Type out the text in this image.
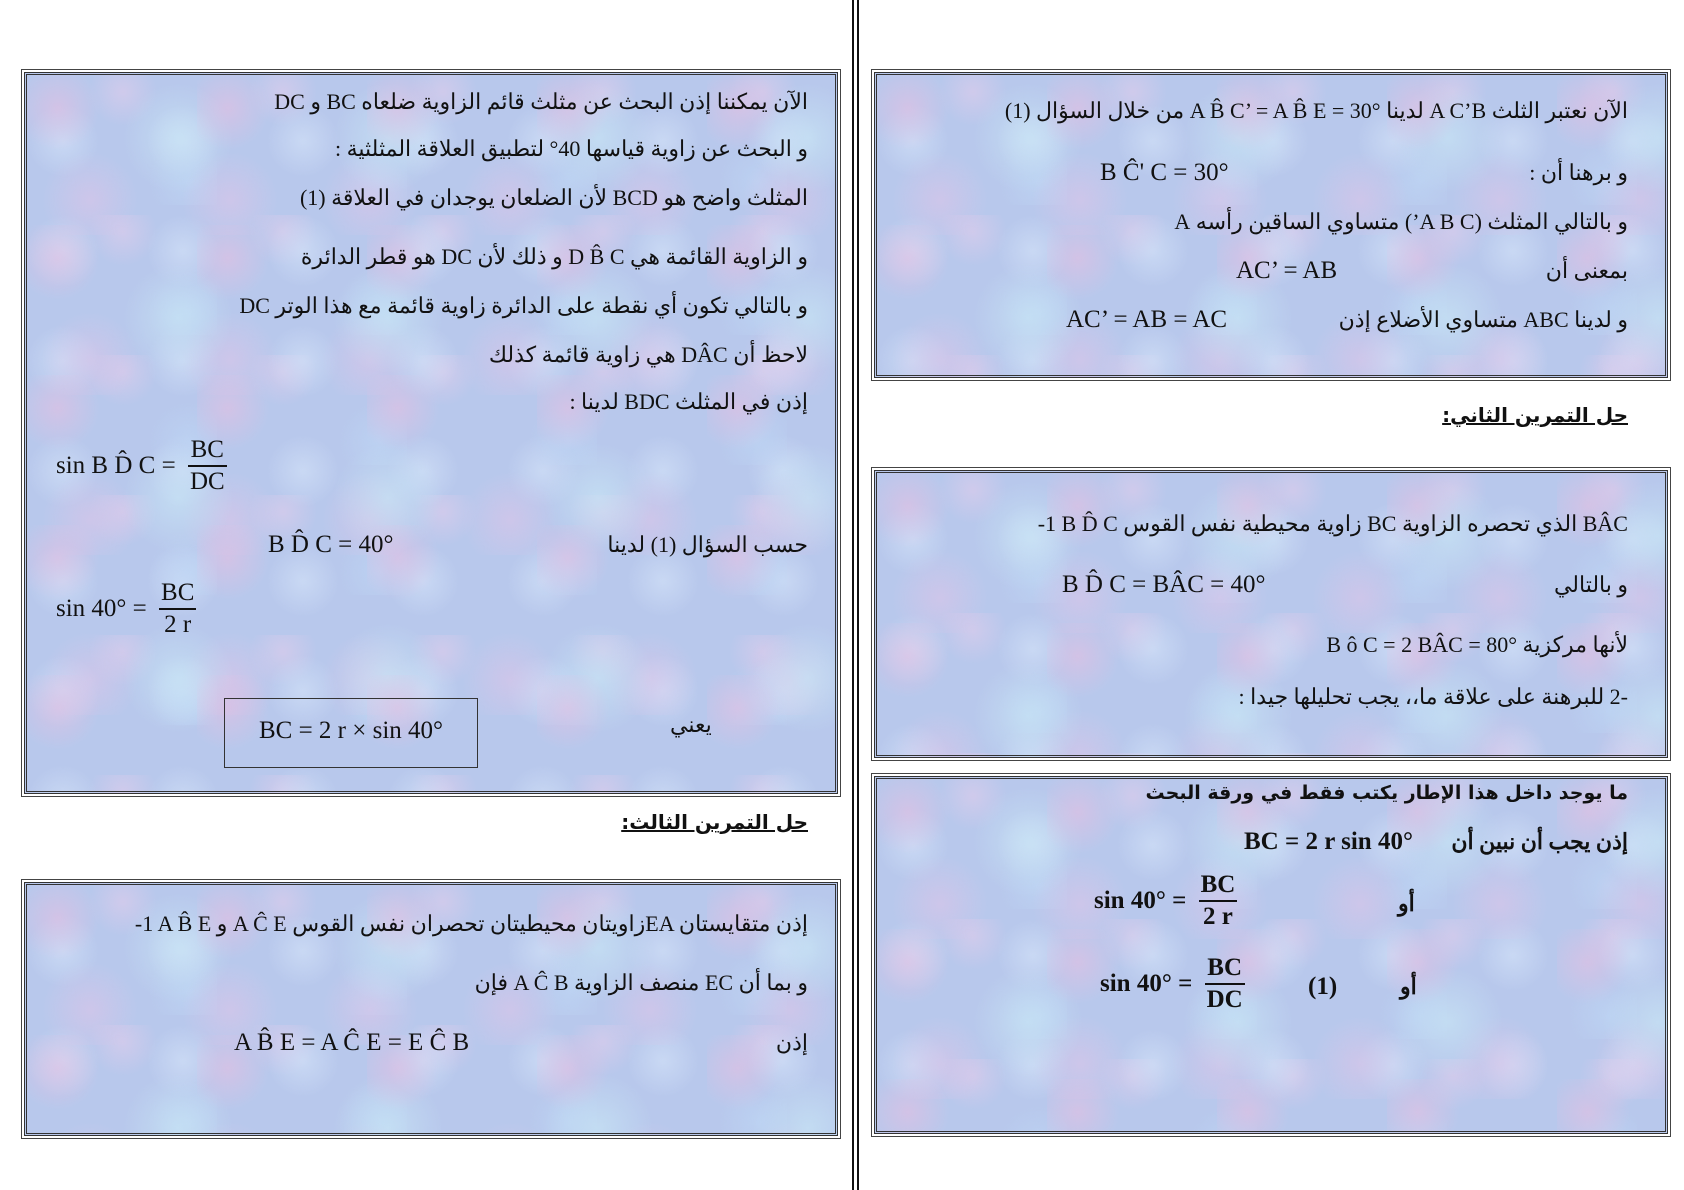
الآن نعتبر الثلث A C’B لدينا A B̂ C’ = A B̂ E = 30° من خلال السؤال (1)
و برهنا أن :
B Ĉ' C = 30°
و بالتالي المثلث (A B C’) متساوي الساقين رأسه A
بمعنى أن
AC’ = AB
و لدينا ABC متساوي الأضلاع إذن
AC’ = AB = AC
حل التمرين الثاني:
-1 B D̂ C زاوية محيطية نفس القوس BC الذي تحصره الزاوية BÂC
و بالتالي
B D̂ C = BÂC = 40°
B ô C = 2 BÂC = 80° لأنها مركزية
-2 للبرهنة على علاقة ما،، يجب تحليلها جيدا :
ما يوجد داخل هذا الإطار يكتب فقط في ورقة البحث
إذن يجب أن نبين أن
BC = 2 r sin 40°
أو
$\sin 40^\circ = \frac{BC}{2 r}$
أو
(1)
$\sin 40^\circ = \frac{BC}{DC}$
الآن يمكننا إذن البحث عن مثلث قائم الزاوية ضلعاه BC و DC
و البحث عن زاوية قياسها 40° لتطبيق العلاقة المثلثية :
المثلث واضح هو BCD لأن الضلعان يوجدان في العلاقة (1)
و الزاوية القائمة هي D B̂ C و ذلك لأن DC هو قطر الدائرة
و بالتالي تكون أي نقطة على الدائرة زاوية قائمة مع هذا الوتر DC
لاحظ أن DÂC هي زاوية قائمة كذلك
إذن في المثلث BDC لدينا :
sin B D̂ $C = \frac{BC}{DC}$
حسب السؤال (1) لدينا
B D̂ C = 40°
$\sin 40^\circ = \frac{BC}{2 r}$
يعني
BC = 2 r × sin 40°
حل التمرين الثالث:
-1 A B̂ E و A Ĉ E زاويتان محيطيتان تحصران نفس القوسEA إذن متقايستان
و بما أن EC منصف الزاوية A Ĉ B فإن
إذن
A B̂ E = A Ĉ E = E Ĉ B
